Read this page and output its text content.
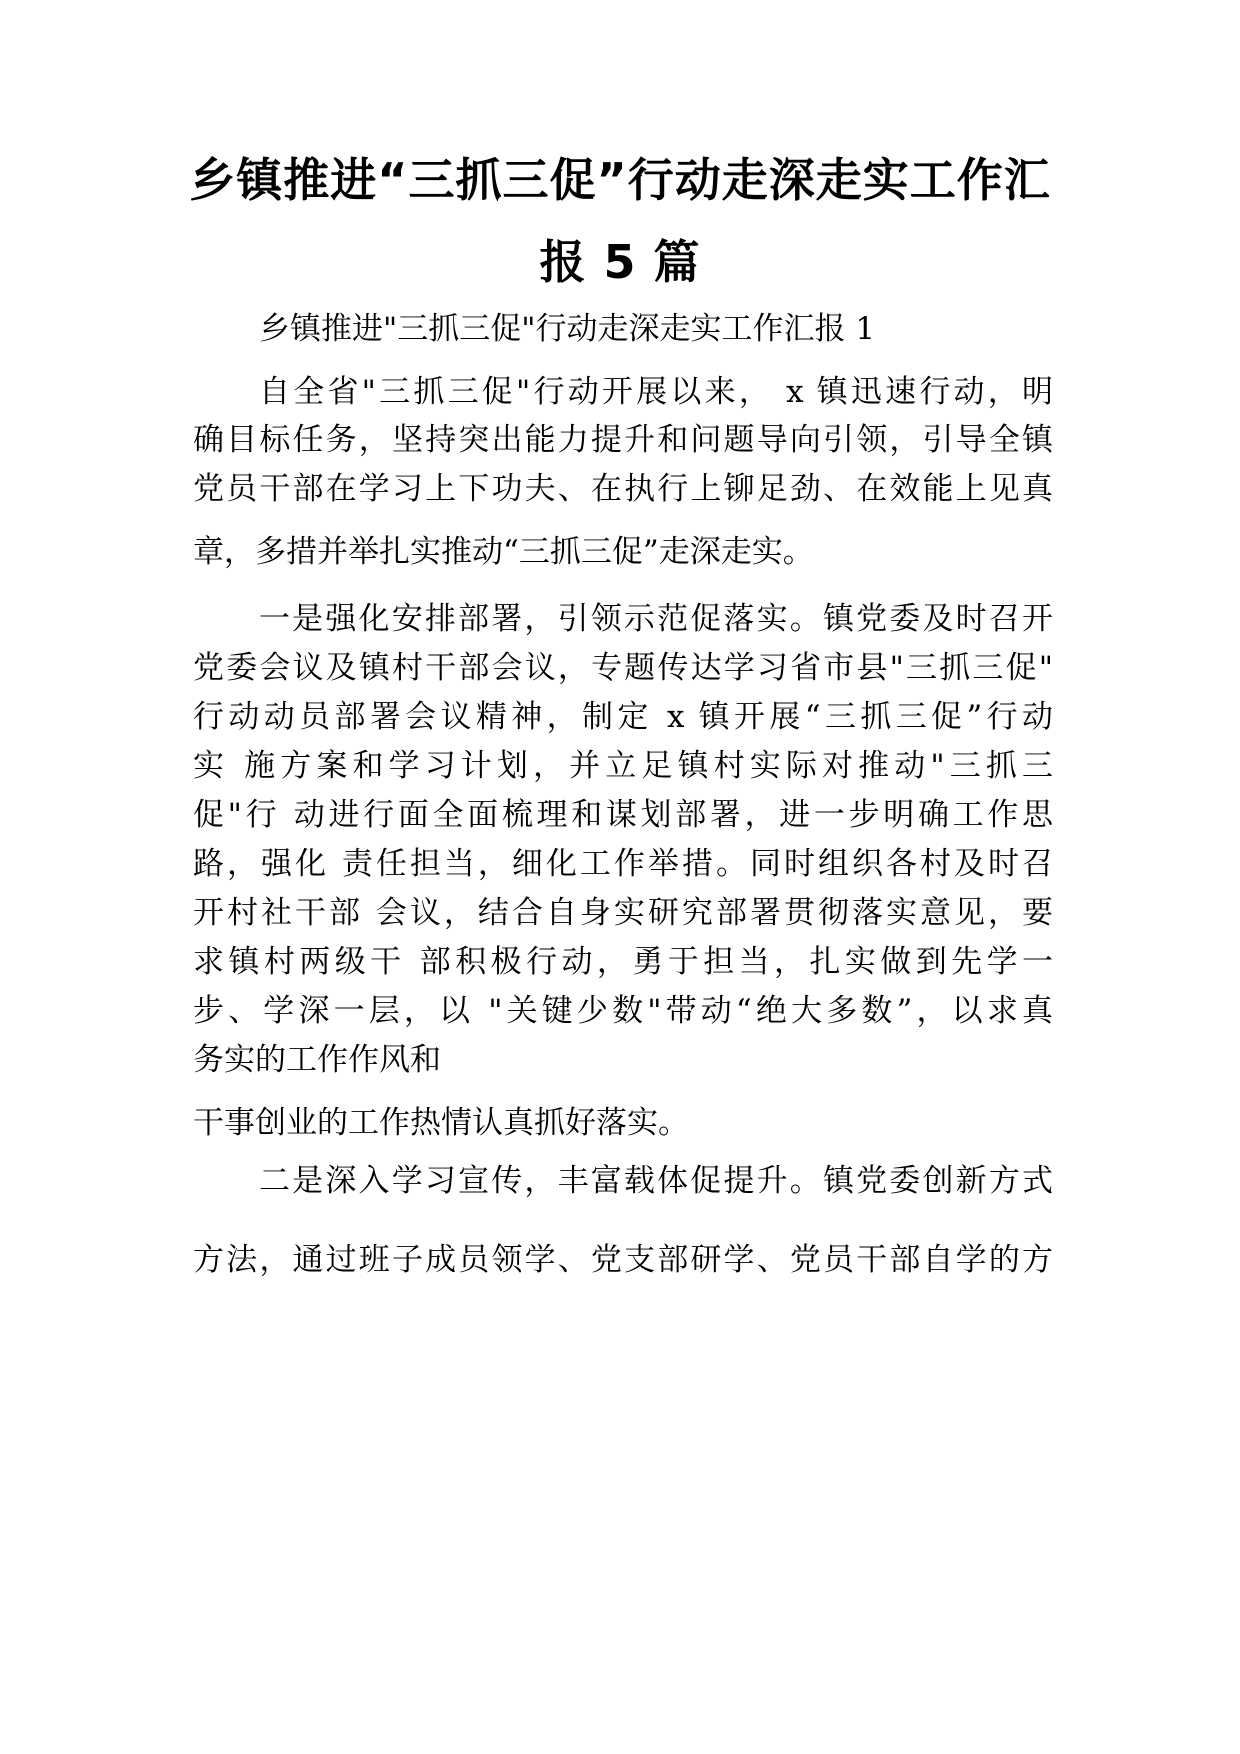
乡镇推进“三抓三促”行动走深走实工作汇
报 5 篇
乡镇推进"三抓三促"行动走深走实工作汇报 1
自全省"三抓三促"行动开展以来， x 镇迅速行动，明
确目标任务，坚持突出能力提升和问题导向引领，引导全镇
党员干部在学习上下功夫、在执行上铆足劲、在效能上见真
章，多措并举扎实推动“三抓三促”走深走实。
一是强化安排部署，引领示范促落实。镇党委及时召开
党委会议及镇村干部会议，专题传达学习省市县"三抓三促"
行动动员部署会议精神，制定 x 镇开展“三抓三促”行动
实 施方案和学习计划，并立足镇村实际对推动"三抓三
促"行 动进行面全面梳理和谋划部署，进一步明确工作思
路，强化 责任担当，细化工作举措。同时组织各村及时召
开村社干部 会议，结合自身实研究部署贯彻落实意见，要
求镇村两级干 部积极行动，勇于担当，扎实做到先学一
步、学深一层，以 "关键少数"带动“绝大多数”，以求真
务实的工作作风和
干事创业的工作热情认真抓好落实。
二是深入学习宣传，丰富载体促提升。镇党委创新方式
方法，通过班子成员领学、党支部研学、党员干部自学的方
